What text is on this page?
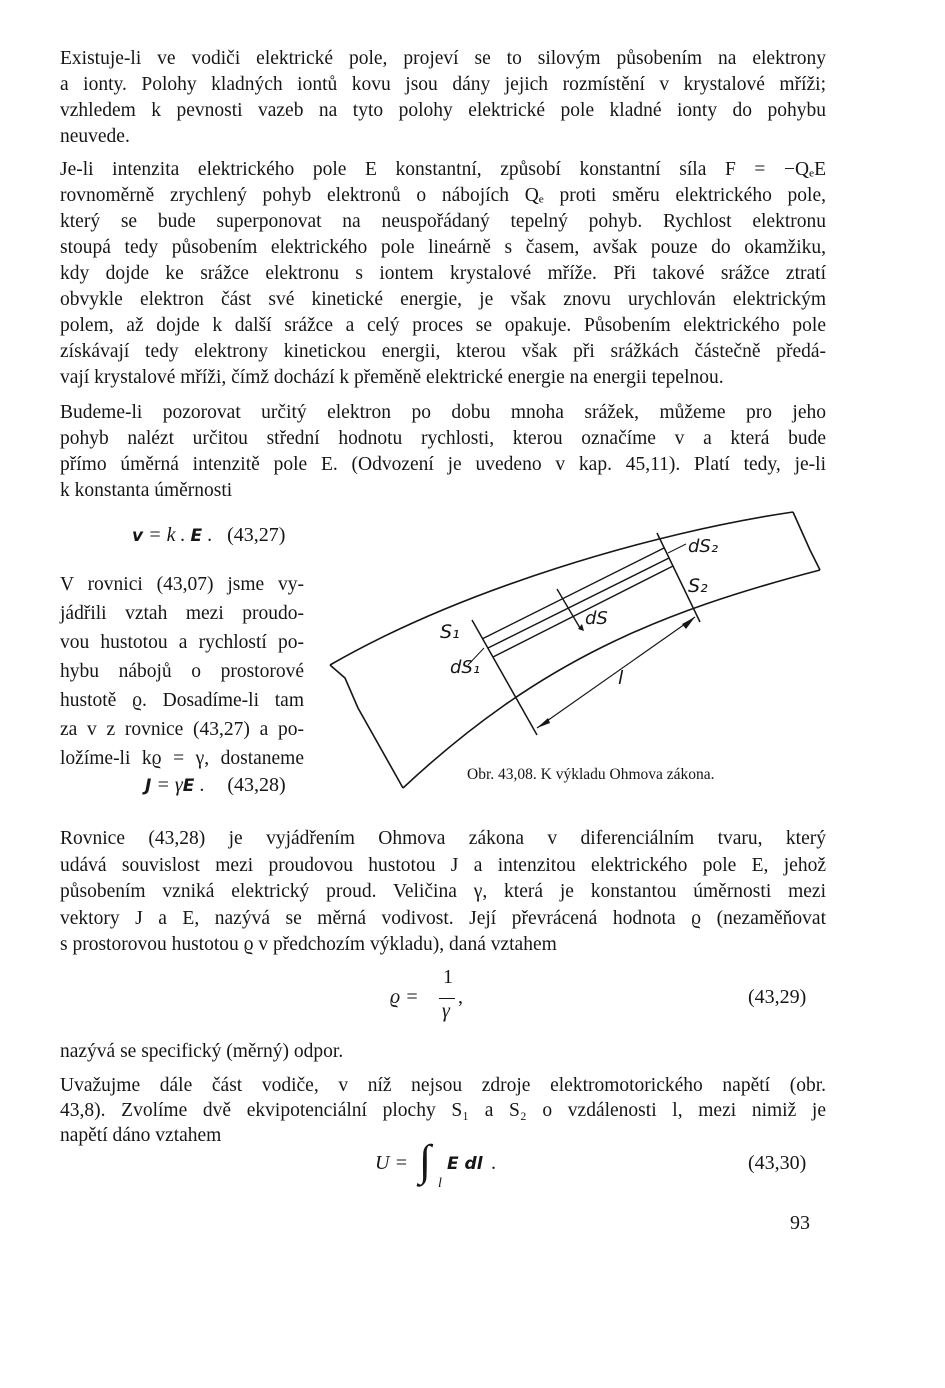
Existuje-li ve vodiči elektrické pole, projeví se to silovým působením na elektrony
a ionty. Polohy kladných iontů kovu jsou dány jejich rozmístění v krystalové mříži;
vzhledem k pevnosti vazeb na tyto polohy elektrické pole kladné ionty do pohybu
neuvede.
Je-li intenzita elektrického pole E konstantní, způsobí konstantní síla F = −QₑE
rovnoměrně zrychlený pohyb elektronů o nábojích Qₑ proti směru elektrického pole,
který se bude superponovat na neuspořádaný tepelný pohyb. Rychlost elektronu
stoupá tedy působením elektrického pole lineárně s časem, avšak pouze do okamžiku,
kdy dojde ke srážce elektronu s iontem krystalové mříže. Při takové srážce ztratí
obvykle elektron část své kinetické energie, je však znovu urychlován elektrickým
polem, až dojde k další srážce a celý proces se opakuje. Působením elektrického pole
získávají tedy elektrony kinetickou energii, kterou však při srážkách částečně předá-
vají krystalové mříži, čímž dochází k přeměně elektrické energie na energii tepelnou.
Budeme-li pozorovat určitý elektron po dobu mnoha srážek, můžeme pro jeho
pohyb nalézt určitou střední hodnotu rychlosti, kterou označíme v a která bude
přímo úměrná intenzitě pole E. (Odvození je uvedeno v kap. 45,11). Platí tedy, je-li
k konstanta úměrnosti
v = k . E . (43,27)
V rovnici (43,07) jsme vy-
jádřili vztah mezi proudo-
vou hustotou a rychlostí po-
hybu nábojů o prostorové
hustotě ϱ. Dosadíme-li tam
za v z rovnice (43,27) a po-
ložíme-li kϱ = γ, dostaneme
J = γE . (43,28)
S₁
S₂
dS
dS₁
dS₂
l
Obr. 43,08. K výkladu Ohmova zákona.
Rovnice (43,28) je vyjádřením Ohmova zákona v diferenciálním tvaru, který
udává souvislost mezi proudovou hustotou J a intenzitou elektrického pole E, jehož
působením vzniká elektrický proud. Veličina γ, která je konstantou úměrnosti mezi
vektory J a E, nazývá se měrná vodivost. Její převrácená hodnota ϱ (nezaměňovat
s prostorovou hustotou ϱ v předchozím výkladu), daná vztahem
ϱ =
1
γ
,	(43,29)
nazývá se specifický (měrný) odpor.
Uvažujme dále část vodiče, v níž nejsou zdroje elektromotorického napětí (obr.
43,8). Zvolíme dvě ekvipotenciální plochy S₁ a S₂ o vzdálenosti l, mezi nimiž je
napětí dáno vztahem
U = ∫ l
E dl .	(43,30)
93
